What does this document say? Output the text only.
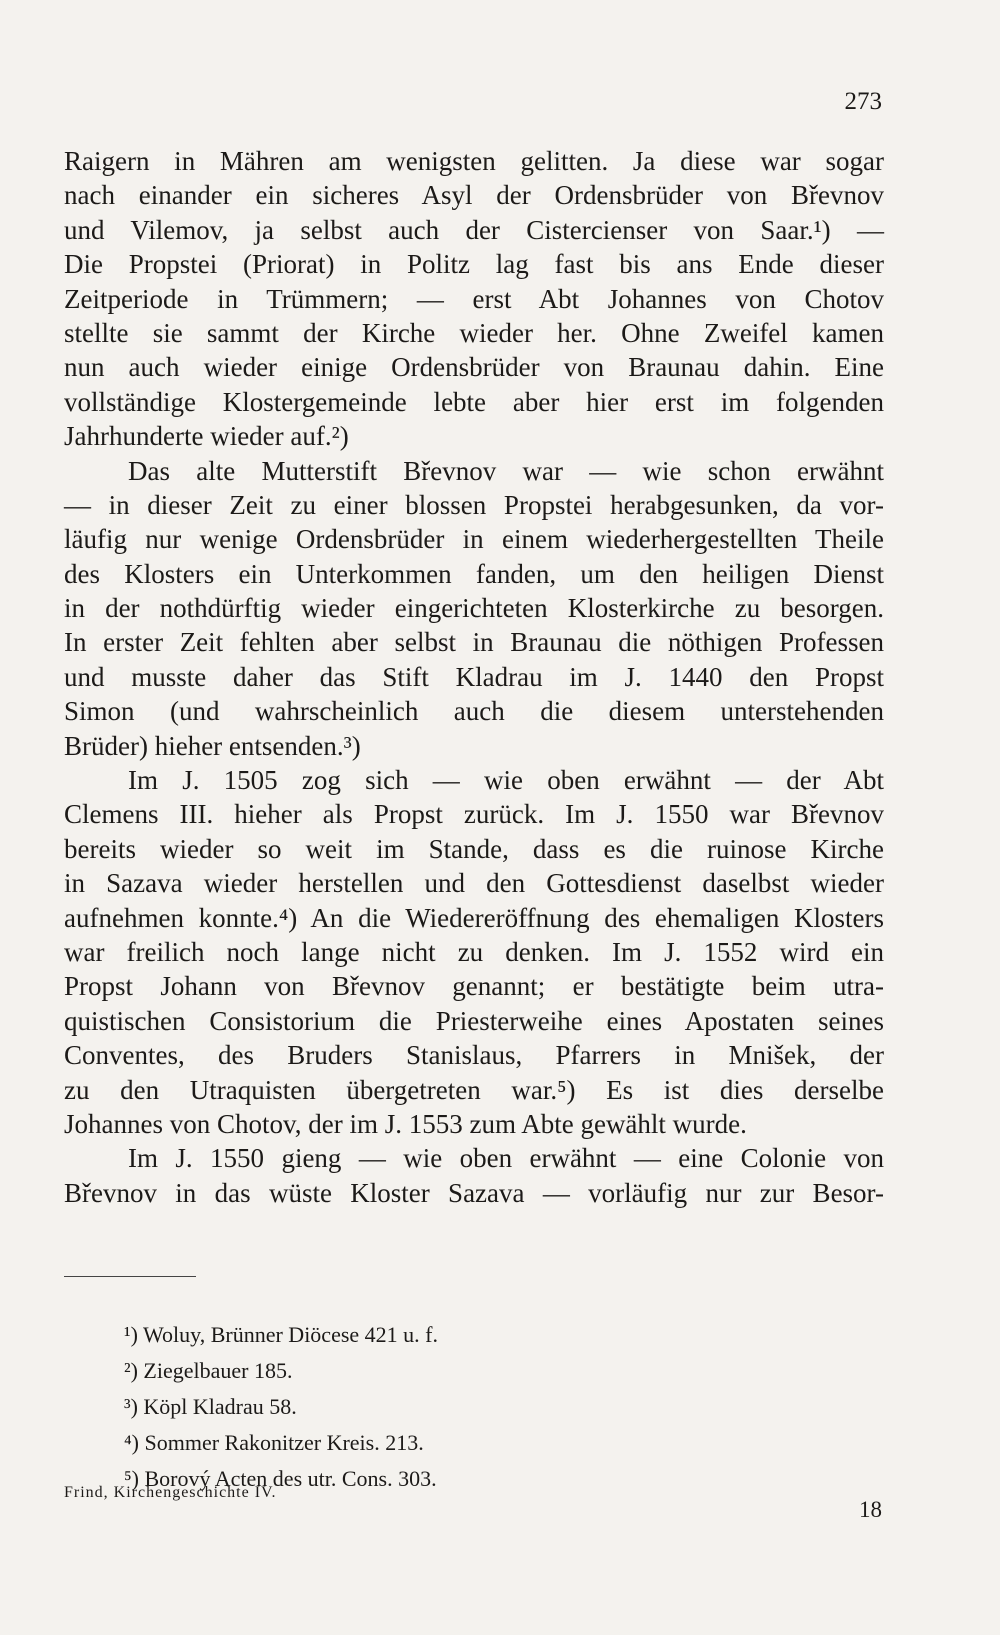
273
Raigern in Mähren am wenigsten gelitten. Ja diese war sogar
nach einander ein sicheres Asyl der Ordensbrüder von Břevnov
und Vilemov, ja selbst auch der Cistercienser von Saar.¹) —
Die Propstei (Priorat) in Politz lag fast bis ans Ende dieser
Zeitperiode in Trümmern; — erst Abt Johannes von Chotov
stellte sie sammt der Kirche wieder her. Ohne Zweifel kamen
nun auch wieder einige Ordensbrüder von Braunau dahin. Eine
vollständige Klostergemeinde lebte aber hier erst im folgenden
Jahrhunderte wieder auf.²)
Das alte Mutterstift Břevnov war — wie schon erwähnt
— in dieser Zeit zu einer blossen Propstei herabgesunken, da vor-
läufig nur wenige Ordensbrüder in einem wiederhergestellten Theile
des Klosters ein Unterkommen fanden, um den heiligen Dienst
in der nothdürftig wieder eingerichteten Klosterkirche zu besorgen.
In erster Zeit fehlten aber selbst in Braunau die nöthigen Professen
und musste daher das Stift Kladrau im J. 1440 den Propst
Simon (und wahrscheinlich auch die diesem unterstehenden
Brüder) hieher entsenden.³)
Im J. 1505 zog sich — wie oben erwähnt — der Abt
Clemens III. hieher als Propst zurück. Im J. 1550 war Břevnov
bereits wieder so weit im Stande, dass es die ruinose Kirche
in Sazava wieder herstellen und den Gottesdienst daselbst wieder
aufnehmen konnte.⁴) An die Wiedereröffnung des ehemaligen Klosters
war freilich noch lange nicht zu denken. Im J. 1552 wird ein
Propst Johann von Břevnov genannt; er bestätigte beim utra-
quistischen Consistorium die Priesterweihe eines Apostaten seines
Conventes, des Bruders Stanislaus, Pfarrers in Mnišek, der
zu den Utraquisten übergetreten war.⁵) Es ist dies derselbe
Johannes von Chotov, der im J. 1553 zum Abte gewählt wurde.
Im J. 1550 gieng — wie oben erwähnt — eine Colonie von
Břevnov in das wüste Kloster Sazava — vorläufig nur zur Besor-
¹) Woluy, Brünner Diöcese 421 u. f.
²) Ziegelbauer 185.
³) Köpl Kladrau 58.
⁴) Sommer Rakonitzer Kreis. 213.
⁵) Borový Acten des utr. Cons. 303.
Frind, Kirchengeschichte IV.
18
